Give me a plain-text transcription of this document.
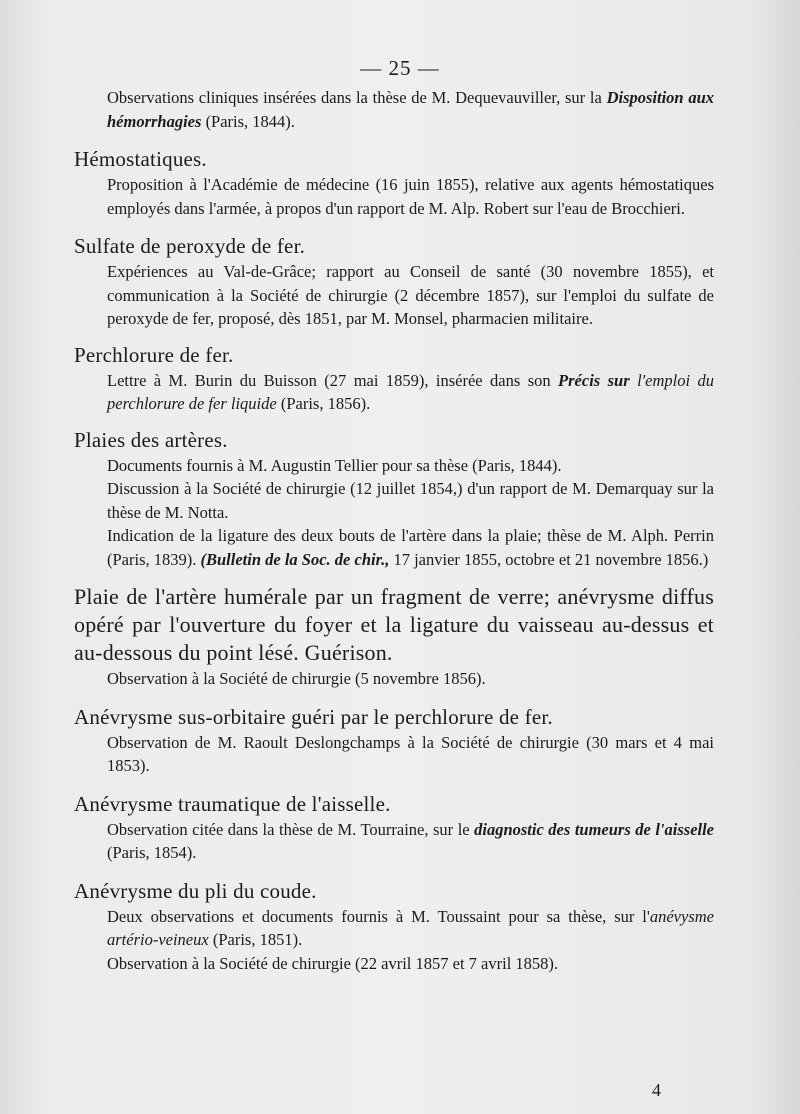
— 25 —

Observations cliniques insérées dans la thèse de M. Dequevauviller, sur la Disposition aux hémorrhagies (Paris, 1844).

Hémostatiques.

Proposition à l'Académie de médecine (16 juin 1855), relative aux agents hémostatiques employés dans l'armée, à propos d'un rapport de M. Alp. Robert sur l'eau de Brocchieri.

Sulfate de peroxyde de fer.

Expériences au Val-de-Grâce; rapport au Conseil de santé (30 novembre 1855), et communication à la Société de chirurgie (2 décembre 1857), sur l'emploi du sulfate de peroxyde de fer, proposé, dès 1851, par M. Monsel, pharmacien militaire.

Perchlorure de fer.

Lettre à M. Burin du Buisson (27 mai 1859), insérée dans son Précis sur l'emploi du perchlorure de fer liquide (Paris, 1856).

Plaies des artères.

Documents fournis à M. Augustin Tellier pour sa thèse (Paris, 1844).

Discussion à la Société de chirurgie (12 juillet 1854,) d'un rapport de M. Demarquay sur la thèse de M. Notta.

Indication de la ligature des deux bouts de l'artère dans la plaie; thèse de M. Alph. Perrin (Paris, 1839). (Bulletin de la Soc. de chir., 17 janvier 1855, octobre et 21 novembre 1856.)

Plaie de l'artère humérale par un fragment de verre; anévrysme diffus opéré par l'ouverture du foyer et la ligature du vaisseau au-dessus et au-dessous du point lésé. Guérison.

Observation à la Société de chirurgie (5 novembre 1856).

Anévrysme sus-orbitaire guéri par le perchlorure de fer.

Observation de M. Raoult Deslongchamps à la Société de chirurgie (30 mars et 4 mai 1853).

Anévrysme traumatique de l'aisselle.

Observation citée dans la thèse de M. Tourraine, sur le diagnostic des tumeurs de l'aisselle (Paris, 1854).

Anévrysme du pli du coude.

Deux observations et documents fournis à M. Toussaint pour sa thèse, sur l'anévysme artério-veineux (Paris, 1851).

Observation à la Société de chirurgie (22 avril 1857 et 7 avril 1858).

4
